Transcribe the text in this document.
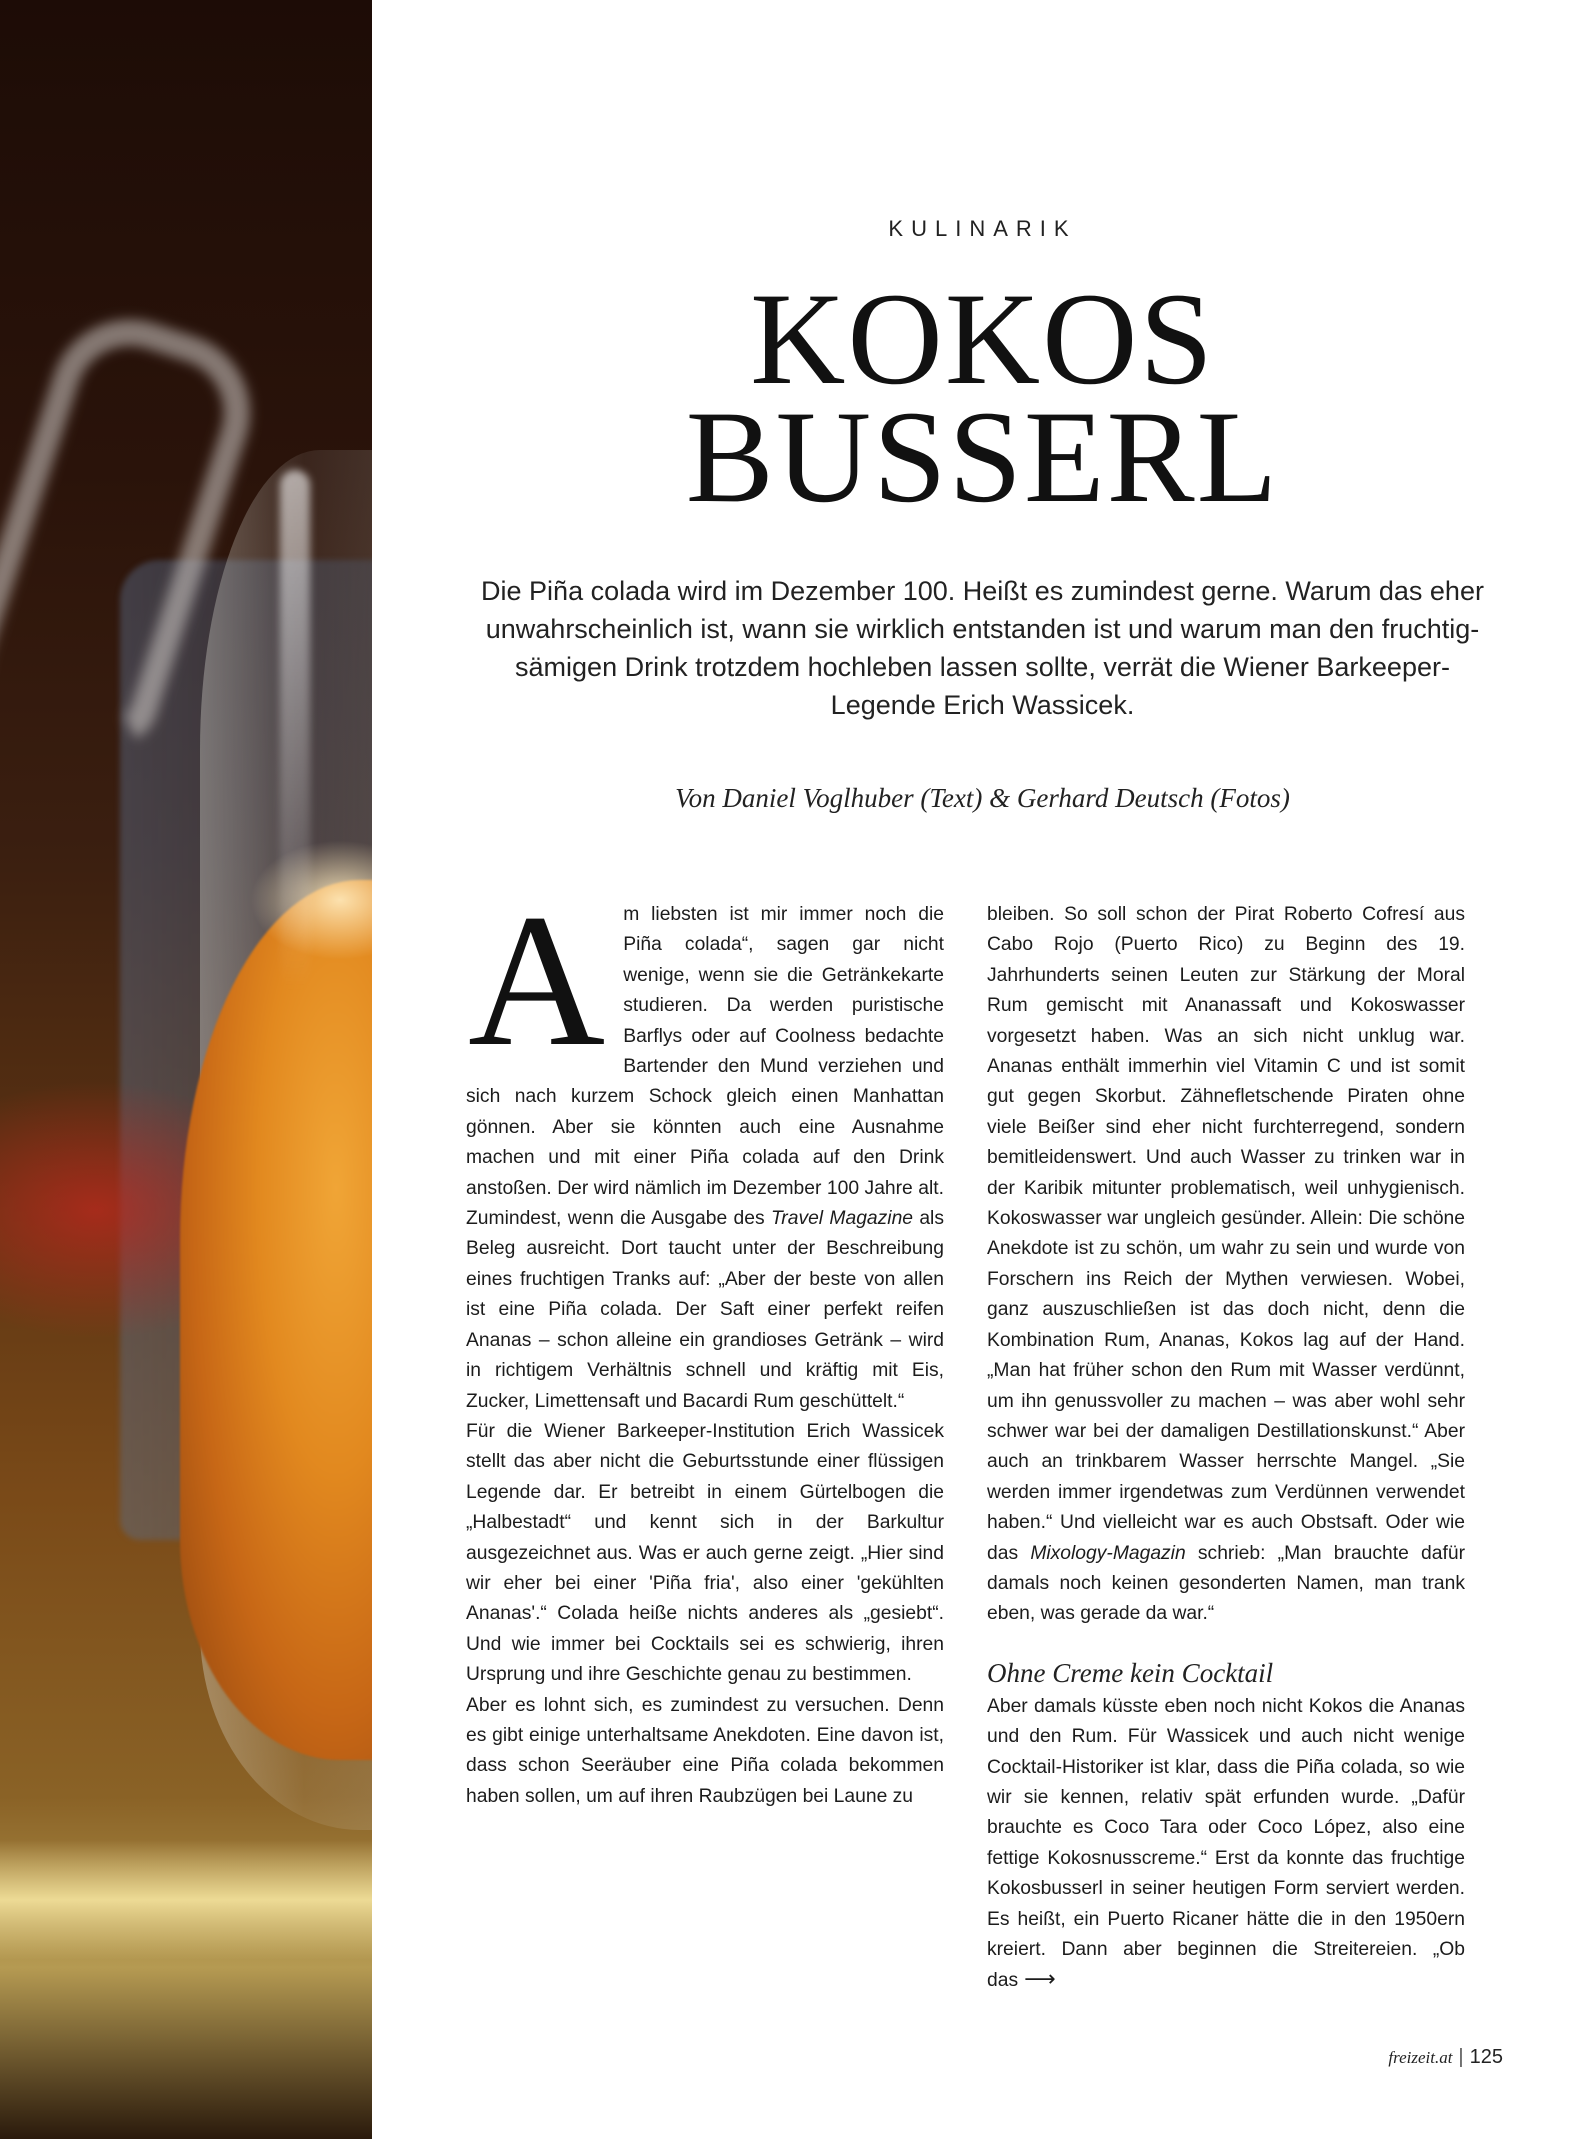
KULINARIK
KOKOS
BUSSERL

Die Piña colada wird im Dezember 100. Heißt es zumindest gerne. Warum das eher unwahrscheinlich ist, wann sie wirklich entstanden ist und warum man den fruchtig-sämigen Drink trotzdem hochleben lassen sollte, verrät die Wiener Barkeeper-Legende Erich Wassicek.

Von Daniel Voglhuber (Text) & Gerhard Deutsch (Fotos)

Am liebsten ist mir immer noch die Piña colada“, sagen gar nicht wenige, wenn sie die Getränkekarte studieren. Da werden puristische Barflys oder auf Coolness bedachte Bartender den Mund verziehen und sich nach kurzem Schock gleich einen Manhattan gönnen. Aber sie könnten auch eine Ausnahme machen und mit einer Piña colada auf den Drink anstoßen. Der wird nämlich im Dezember 100 Jahre alt. Zumindest, wenn die Ausgabe des Travel Magazine als Beleg ausreicht. Dort taucht unter der Beschreibung eines fruchtigen Tranks auf: „Aber der beste von allen ist eine Piña colada. Der Saft einer perfekt reifen Ananas – schon alleine ein grandioses Getränk – wird in richtigem Verhältnis schnell und kräftig mit Eis, Zucker, Limettensaft und Bacardi Rum geschüttelt.“

Für die Wiener Barkeeper-Institution Erich Wassicek stellt das aber nicht die Geburtsstunde einer flüssigen Legende dar. Er betreibt in einem Gürtelbogen die „Halbestadt“ und kennt sich in der Barkultur ausgezeichnet aus. Was er auch gerne zeigt. „Hier sind wir eher bei einer 'Piña fria', also einer 'gekühlten Ananas'.“ Colada heiße nichts anderes als „gesiebt“. Und wie immer bei Cocktails sei es schwierig, ihren Ursprung und ihre Geschichte genau zu bestimmen.

Aber es lohnt sich, es zumindest zu versuchen. Denn es gibt einige unterhaltsame Anekdoten. Eine davon ist, dass schon Seeräuber eine Piña colada bekommen haben sollen, um auf ihren Raubzügen bei Laune zu

bleiben. So soll schon der Pirat Roberto Cofresí aus Cabo Rojo (Puerto Rico) zu Beginn des 19. Jahrhunderts seinen Leuten zur Stärkung der Moral Rum gemischt mit Ananassaft und Kokoswasser vorgesetzt haben. Was an sich nicht unklug war. Ananas enthält immerhin viel Vitamin C und ist somit gut gegen Skorbut. Zähnefletschende Piraten ohne viele Beißer sind eher nicht furchterregend, sondern bemitleidenswert. Und auch Wasser zu trinken war in der Karibik mitunter problematisch, weil unhygienisch. Kokoswasser war ungleich gesünder. Allein: Die schöne Anekdote ist zu schön, um wahr zu sein und wurde von Forschern ins Reich der Mythen verwiesen. Wobei, ganz auszuschließen ist das doch nicht, denn die Kombination Rum, Ananas, Kokos lag auf der Hand. „Man hat früher schon den Rum mit Wasser verdünnt, um ihn genussvoller zu machen – was aber wohl sehr schwer war bei der damaligen Destillationskunst.“ Aber auch an trinkbarem Wasser herrschte Mangel. „Sie werden immer irgendetwas zum Verdünnen verwendet haben.“ Und vielleicht war es auch Obstsaft. Oder wie das Mixology-Magazin schrieb: „Man brauchte dafür damals noch keinen gesonderten Namen, man trank eben, was gerade da war.“

Ohne Creme kein Cocktail

Aber damals küsste eben noch nicht Kokos die Ananas und den Rum. Für Wassicek und auch nicht wenige Cocktail-Historiker ist klar, dass die Piña colada, so wie wir sie kennen, relativ spät erfunden wurde. „Dafür brauchte es Coco Tara oder Coco López, also eine fettige Kokosnusscreme.“ Erst da konnte das fruchtige Kokosbusserl in seiner heutigen Form serviert werden. Es heißt, ein Puerto Ricaner hätte die in den 1950ern kreiert. Dann aber beginnen die Streitereien. „Ob das ⟶

freizeit.at | 125
